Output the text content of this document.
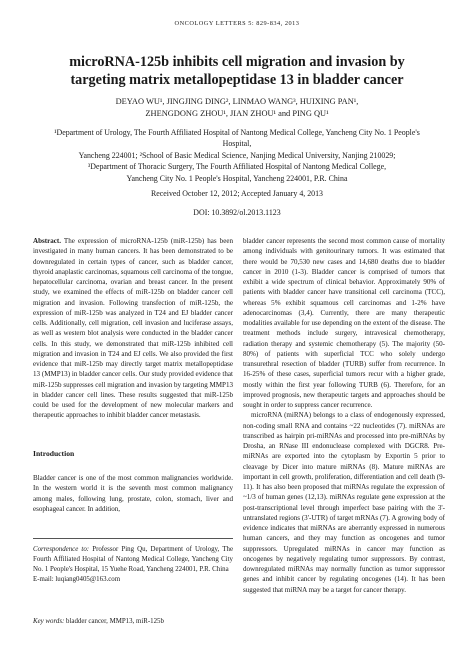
ONCOLOGY LETTERS 5: 829-834, 2013
microRNA-125b inhibits cell migration and invasion by
targeting matrix metallopeptidase 13 in bladder cancer
DEYAO WU¹, JINGJING DING², LINMAO WANG³, HUIXING PAN¹,
ZHENGDONG ZHOU¹, JIAN ZHOU¹ and PING QU¹
¹Department of Urology, The Fourth Affiliated Hospital of Nantong Medical College, Yancheng City No. 1 People's Hospital,
Yancheng 224001; ²School of Basic Medical Science, Nanjing Medical University, Nanjing 210029;
³Department of Thoracic Surgery, The Fourth Affiliated Hospital of Nantong Medical College,
Yancheng City No. 1 People's Hospital, Yancheng 224001, P.R. China
Received October 12, 2012; Accepted January 4, 2013
DOI: 10.3892/ol.2013.1123

Abstract. The expression of microRNA-125b (miR-125b) has been investigated in many human cancers. It has been demonstrated to be downregulated in certain types of cancer, such as bladder cancer, thyroid anaplastic carcinomas, squamous cell carcinoma of the tongue, hepatocellular carcinoma, ovarian and breast cancer. In the present study, we examined the effects of miR-125b on bladder cancer cell migration and invasion. Following transfection of miR-125b, the expression of miR-125b was analyzed in T24 and EJ bladder cancer cells. Additionally, cell migration, cell invasion and luciferase assays, as well as western blot analysis were conducted in the bladder cancer cells. In this study, we demonstrated that miR-125b inhibited cell migration and invasion in T24 and EJ cells. We also provided the first evidence that miR-125b may directly target matrix metallopeptidase 13 (MMP13) in bladder cancer cells. Our study provided evidence that miR-125b suppresses cell migration and invasion by targeting MMP13 in bladder cancer cell lines. These results suggested that miR-125b could be used for the development of new molecular markers and therapeutic approaches to inhibit bladder cancer metastasis.

Introduction

Bladder cancer is one of the most common malignancies worldwide. In the western world it is the seventh most common malignancy among males, following lung, prostate, colon, stomach, liver and esophageal cancer. In addition,

Correspondence to: Professor Ping Qu, Department of Urology, The Fourth Affiliated Hospital of Nantong Medical College, Yancheng City No. 1 People's Hospital, 15 Yuehe Road, Yancheng 224001, P.R. China
E-mail: luqiang0405@163.com
Key words: bladder cancer, MMP13, miR-125b

bladder cancer represents the second most common cause of mortality among individuals with genitourinary tumors. It was estimated that there would be 70,530 new cases and 14,680 deaths due to bladder cancer in 2010 (1-3). Bladder cancer is comprised of tumors that exhibit a wide spectrum of clinical behavior. Approximately 90% of patients with bladder cancer have transitional cell carcinoma (TCC), whereas 5% exhibit squamous cell carcinomas and 1-2% have adenocarcinomas (3,4). Currently, there are many therapeutic modalities available for use depending on the extent of the disease. The treatment methods include surgery, intravesical chemotherapy, radiation therapy and systemic chemotherapy (5). The majority (50-80%) of patients with superficial TCC who solely undergo transurethral resection of bladder (TURB) suffer from recurrence. In 16-25% of these cases, superficial tumors recur with a higher grade, mostly within the first year following TURB (6). Therefore, for an improved prognosis, new therapeutic targets and approaches should be sought in order to suppress cancer recurrence.

microRNA (miRNA) belongs to a class of endogenously expressed, non-coding small RNA and contains ~22 nucleotides (7). miRNAs are transcribed as hairpin pri-miRNAs and processed into pre-miRNAs by Drosha, an RNase III endonuclease complexed with DGCR8. Pre-miRNAs are exported into the cytoplasm by Exportin 5 prior to cleavage by Dicer into mature miRNAs (8). Mature miRNAs are important in cell growth, proliferation, differentiation and cell death (9-11). It has also been proposed that miRNAs regulate the expression of ~1/3 of human genes (12,13). miRNAs regulate gene expression at the post-transcriptional level through imperfect base pairing with the 3'-untranslated regions (3'-UTR) of target mRNAs (7). A growing body of evidence indicates that miRNAs are aberrantly expressed in numerous human cancers, and they may function as oncogenes and tumor suppressors. Upregulated miRNAs in cancer may function as oncogenes by negatively regulating tumor suppressors. By contrast, downregulated miRNAs may normally function as tumor suppressor genes and inhibit cancer by regulating oncogenes (14). It has been suggested that miRNA may be a target for cancer therapy.
